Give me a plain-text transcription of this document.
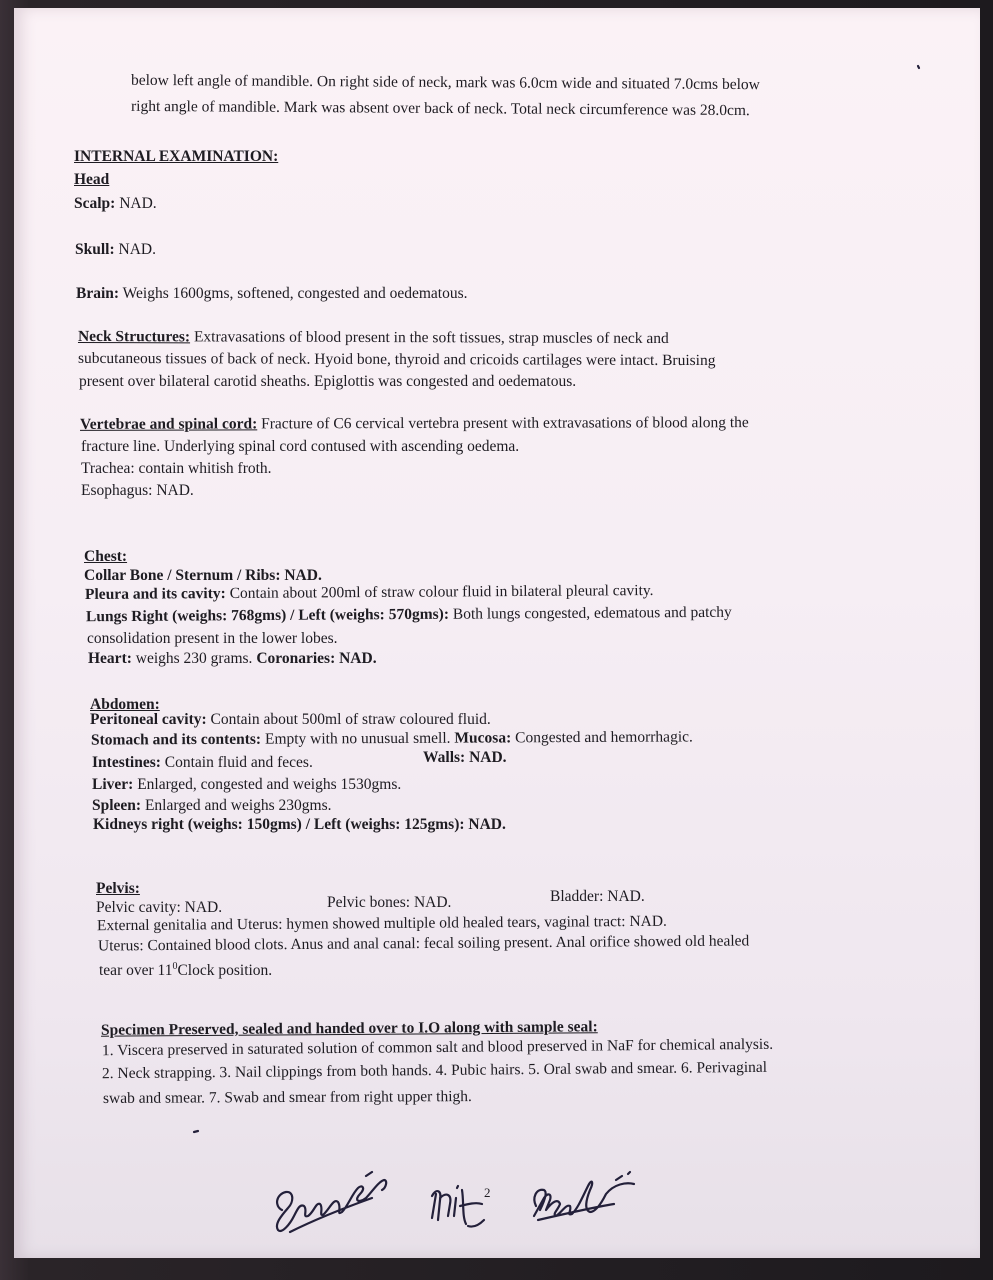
below left angle of mandible. On right side of neck, mark was 6.0cm wide and situated 7.0cms below
right angle of mandible. Mark was absent over back of neck. Total neck circumference was 28.0cm.
INTERNAL EXAMINATION:
Head
Scalp: NAD.
Skull: NAD.
Brain: Weighs 1600gms, softened, congested and oedematous.
Neck Structures: Extravasations of blood present in the soft tissues, strap muscles of neck and
subcutaneous tissues of back of neck. Hyoid bone, thyroid and cricoids cartilages were intact. Bruising
present over bilateral carotid sheaths. Epiglottis was congested and oedematous.
Vertebrae and spinal cord: Fracture of C6 cervical vertebra present with extravasations of blood along the
fracture line. Underlying spinal cord contused with ascending oedema.
Trachea: contain whitish froth.
Esophagus: NAD.
Chest:
Collar Bone / Sternum / Ribs: NAD.
Pleura and its cavity: Contain about 200ml of straw colour fluid in bilateral pleural cavity.
Lungs Right (weighs: 768gms) / Left (weighs: 570gms): Both lungs congested, edematous and patchy
consolidation present in the lower lobes.
Heart: weighs 230 grams. Coronaries: NAD.
Abdomen:
Peritoneal cavity: Contain about 500ml of straw coloured fluid.
Stomach and its contents: Empty with no unusual smell. Mucosa: Congested and hemorrhagic.
Intestines: Contain fluid and feces.	Walls: NAD.
Liver: Enlarged, congested and weighs 1530gms.
Spleen: Enlarged and weighs 230gms.
Kidneys right (weighs: 150gms) / Left (weighs: 125gms): NAD.
Pelvis:
Pelvic cavity: NAD.	Pelvic bones: NAD.	Bladder: NAD.
External genitalia and Uterus: hymen showed multiple old healed tears, vaginal tract: NAD.
Uterus: Contained blood clots. Anus and anal canal: fecal soiling present. Anal orifice showed old healed
tear over $11^0Clock$ position.
Specimen Preserved, sealed and handed over to I.O along with sample seal:
1. Viscera preserved in saturated solution of common salt and blood preserved in NaF for chemical analysis.
2. Neck strapping. 3. Nail clippings from both hands. 4. Pubic hairs. 5. Oral swab and smear. 6. Perivaginal
swab and smear. 7. Swab and smear from right upper thigh.
2
